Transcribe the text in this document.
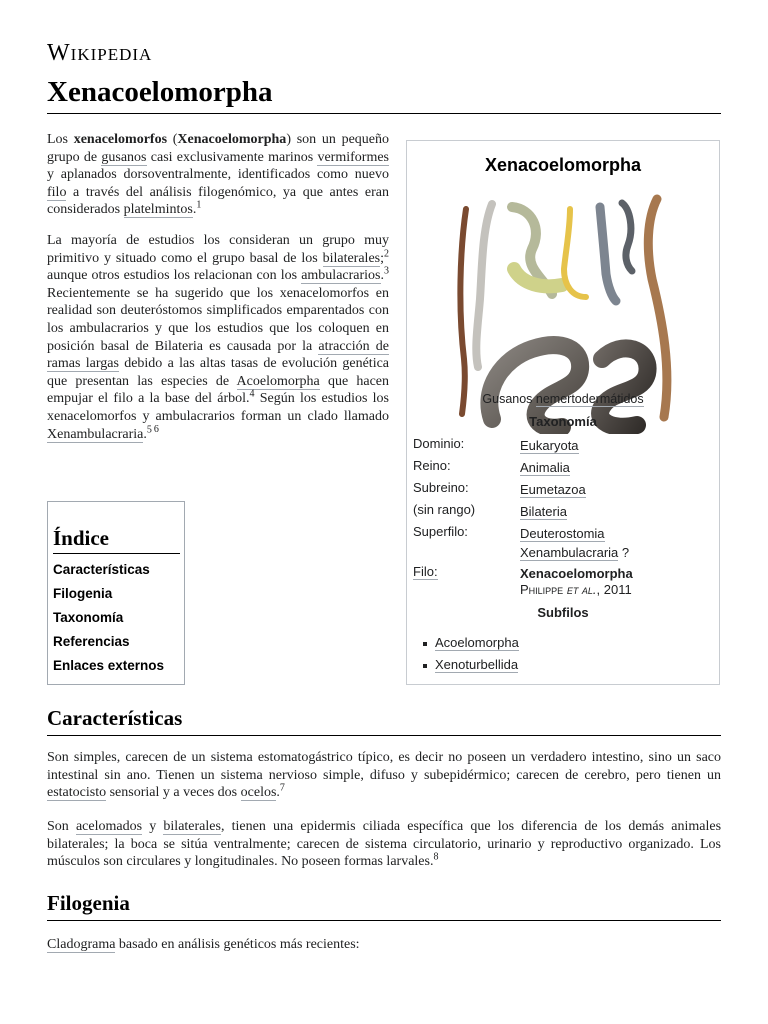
Wikipedia
Xenacoelomorpha

Los xenacelomorfos (Xenacoelomorpha) son un pequeño grupo de gusanos casi exclusivamente marinos vermiformes y aplanados dorsoventralmente, identificados como nuevo filo a través del análisis filogenómico, ya que antes eran considerados platelmintos.$^1$

La mayoría de estudios los consideran un grupo muy primitivo y situado como el grupo basal de los bilaterales;$^2$ aunque otros estudios los relacionan con los ambulacrarios.$^3$ Recientemente se ha sugerido que los xenacelomorfos en realidad son deuteróstomos simplificados emparentados con los ambulacrarios y que los estudios que los coloquen en posición basal de Bilateria es causada por la atracción de ramas largas debido a las altas tasas de evolución genética que presentan las especies de Acoelomorpha que hacen empujar el filo a la base del árbol.$^4$ Según los estudios los xenacelomorfos y ambulacrarios forman un clado llamado Xenambulacraria.$^5$ $^6$

Xenacoelomorpha
Gusanos nemertodermátidos
Taxonomía
Dominio:	Eukaryota
Reino:	Animalia
Subreino:	Eumetazoa
(sin rango)	Bilateria
Superfilo:	Deuterostomia
Xenambulacraria ?
Filo:	Xenacoelomorpha
Philippe et al., 2011
Subfilos
Acoelomorpha
Xenoturbellida
Índice
Características
Filogenia
Taxonomía
Referencias
Enlaces externos
Características

Son simples, carecen de un sistema estomatogástrico típico, es decir no poseen un verdadero intestino, sino un saco intestinal sin ano. Tienen un sistema nervioso simple, difuso y subepidérmico; carecen de cerebro, pero tienen un estatocisto sensorial y a veces dos ocelos.$^7$

Son acelomados y bilaterales, tienen una epidermis ciliada específica que los diferencia de los demás animales bilaterales; la boca se sitúa ventralmente; carecen de sistema circulatorio, urinario y reproductivo organizado. Los músculos son circulares y longitudinales. No poseen formas larvales.$^8$

Filogenia

Cladograma basado en análisis genéticos más recientes:
